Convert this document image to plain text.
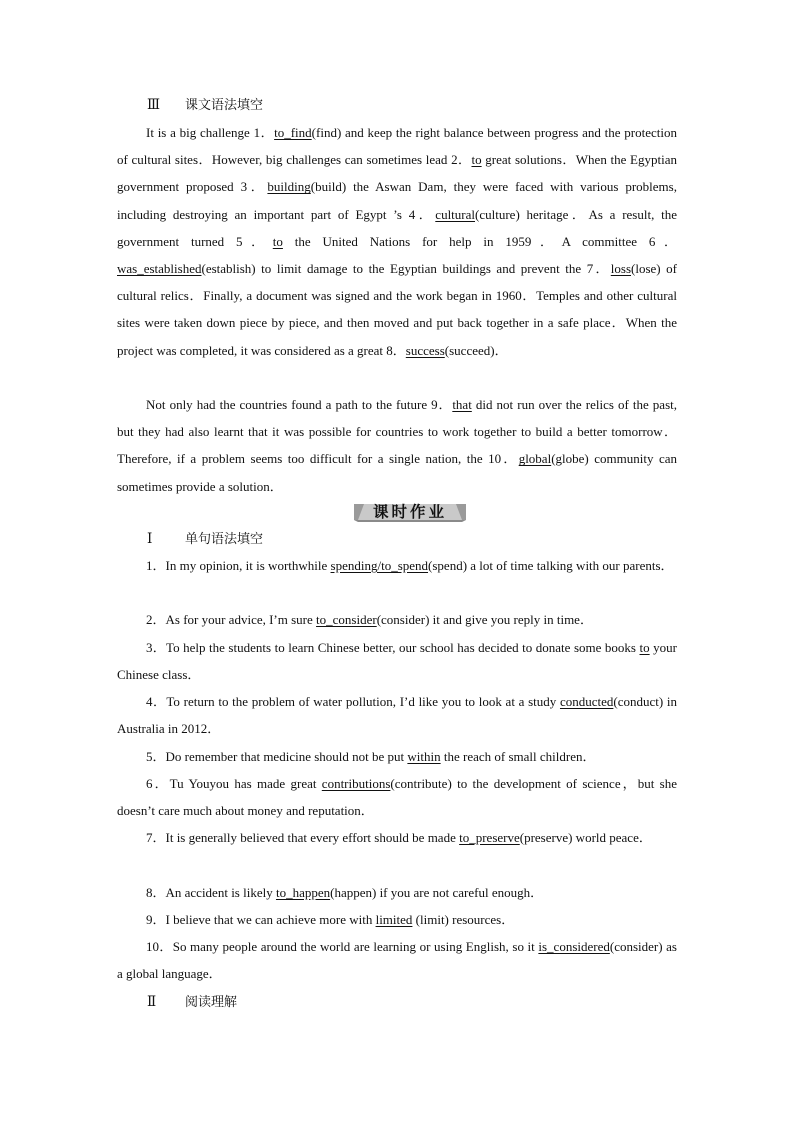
Ⅲ 课文语法填空
It is a big challenge 1．to_find(find) and keep the right balance between progress and the protection of cultural sites．However, big challenges can sometimes lead 2．to great solutions．When the Egyptian government proposed 3．building(build) the Aswan Dam, they were faced with various problems, including destroying an important part of Egypt ’s 4．cultural(culture) heritage．As a result, the government turned 5．to the United Nations for help in 1959．A committee 6．was_established(establish) to limit damage to the Egyptian buildings and prevent the 7．loss(lose) of cultural relics．Finally, a document was signed and the work began in 1960．Temples and other cultural sites were taken down piece by piece, and then moved and put back together in a safe place．When the project was completed, it was considered as a great 8．success(succeed)．
Not only had the countries found a path to the future 9．that did not run over the relics of the past, but they had also learnt that it was possible for countries to work together to build a better tomorrow．Therefore, if a problem seems too difficult for a single nation, the 10．global(globe) community can sometimes provide a solution．
课时作业
Ⅰ	单句语法填空
1．In my opinion, it is worthwhile spending/to_spend(spend) a lot of time talking with our parents．
2．As for your advice, I’m sure to_consider(consider) it and give you reply in time．
3．To help the students to learn Chinese better, our school has decided to donate some books to your Chinese class．
4．To return to the problem of water pollution, I’d like you to look at a study conducted(conduct) in Australia in 2012．
5．Do remember that medicine should not be put within the reach of small children．
6．Tu Youyou has made great contributions(contribute) to the development of science，but she doesn’t care much about money and reputation．
7．It is generally believed that every effort should be made to_preserve(preserve) world peace．
8．An accident is likely to_happen(happen) if you are not careful enough．
9．I believe that we can achieve more with limited (limit) resources．
10．So many people around the world are learning or using English, so it is_considered(consider) as a global language．
Ⅱ 阅读理解
